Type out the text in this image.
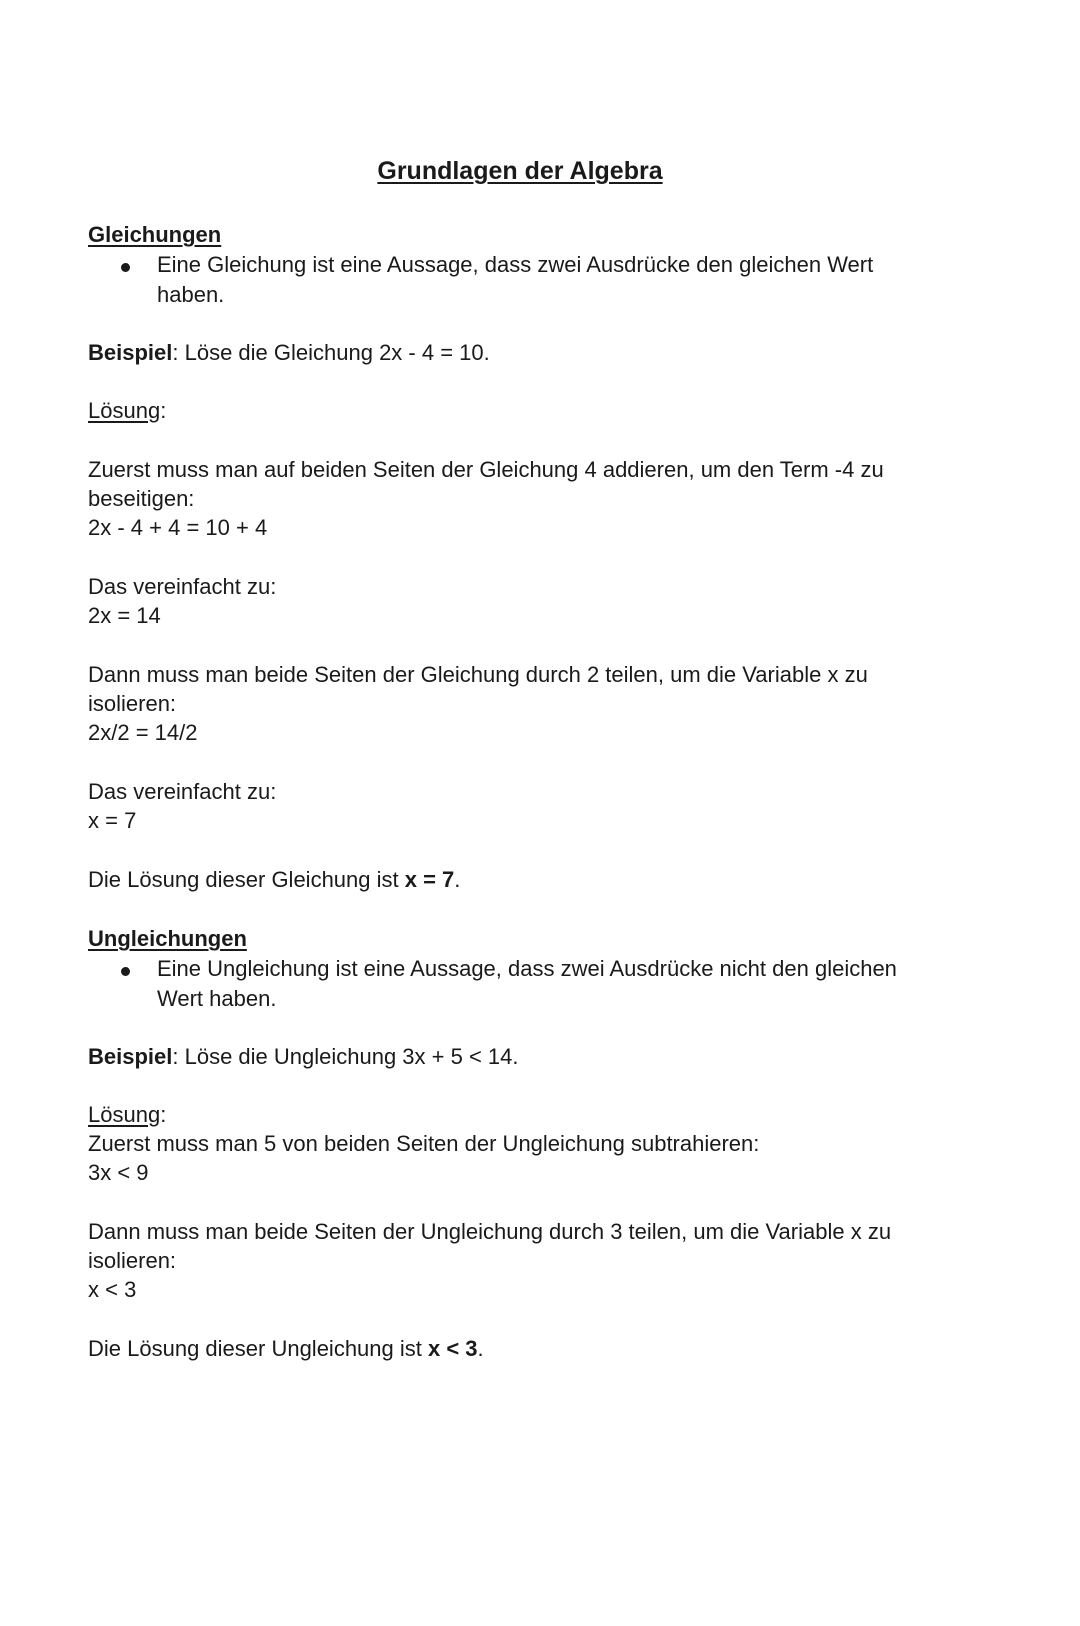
Grundlagen der Algebra
Gleichungen
Eine Gleichung ist eine Aussage, dass zwei Ausdrücke den gleichen Wert
haben.
Beispiel: Löse die Gleichung 2x - 4 = 10.
Lösung:
Zuerst muss man auf beiden Seiten der Gleichung 4 addieren, um den Term -4 zu
beseitigen:
2x - 4 + 4 = 10 + 4
Das vereinfacht zu:
2x = 14
Dann muss man beide Seiten der Gleichung durch 2 teilen, um die Variable x zu
isolieren:
2x/2 = 14/2
Das vereinfacht zu:
x = 7
Die Lösung dieser Gleichung ist x = 7.
Ungleichungen
Eine Ungleichung ist eine Aussage, dass zwei Ausdrücke nicht den gleichen
Wert haben.
Beispiel: Löse die Ungleichung 3x + 5 < 14.
Lösung:
Zuerst muss man 5 von beiden Seiten der Ungleichung subtrahieren:
3x < 9
Dann muss man beide Seiten der Ungleichung durch 3 teilen, um die Variable x zu
isolieren:
x < 3
Die Lösung dieser Ungleichung ist x < 3.
